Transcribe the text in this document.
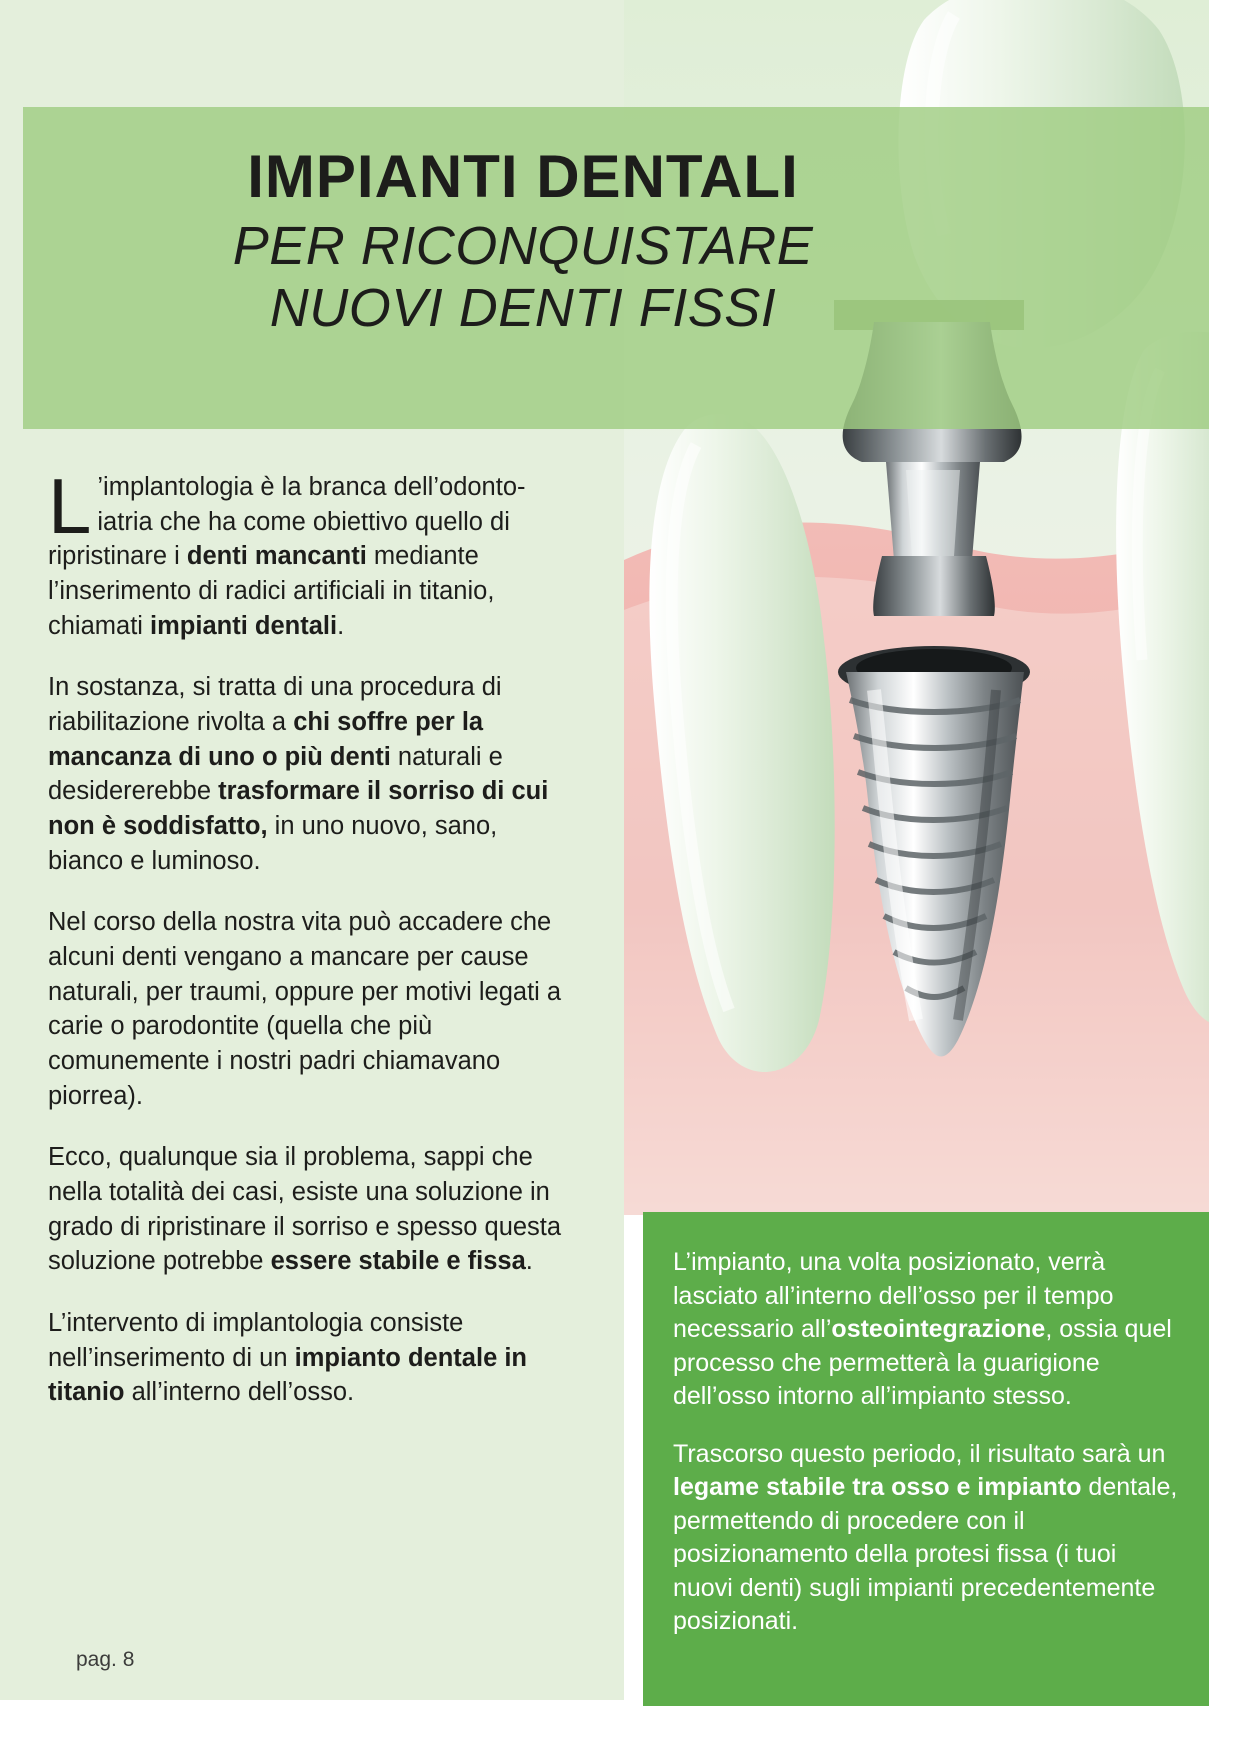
IMPIANTI DENTALI
PER RICONQUISTARE
NUOVI DENTI FISSI

L ’implantologia è la branca dell’odonto-iatria che ha come obiettivo quello di ripristinare i denti mancanti mediante l’inserimento di radici artificiali in titanio, chiamati impianti dentali.

In sostanza, si tratta di una procedura di riabilitazione rivolta a chi soffre per la mancanza di uno o più denti naturali e desidererebbe trasformare il sorriso di cui non è soddisfatto, in uno nuovo, sano, bianco e luminoso.

Nel corso della nostra vita può accadere che alcuni denti vengano a mancare per cause naturali, per traumi, oppure per motivi legati a carie o parodontite (quella che più comunemente i nostri padri chiamavano piorrea).

Ecco, qualunque sia il problema, sappi che nella totalità dei casi, esiste una soluzione in grado di ripristinare il sorriso e spesso questa soluzione potrebbe essere stabile e fissa.

L’intervento di implantologia consiste nell’inserimento di un impianto dentale in titanio all’interno dell’osso.

L’impianto, una volta posizionato, verrà lasciato all’interno dell’osso per il tempo necessario all’osteointegrazione, ossia quel processo che permetterà la guarigione dell’osso intorno all’impianto stesso.

Trascorso questo periodo, il risultato sarà un legame stabile tra osso e impianto dentale, permettendo di procedere con il posizionamento della protesi fissa (i tuoi nuovi denti) sugli impianti precedentemente posizionati.

pag. 8
